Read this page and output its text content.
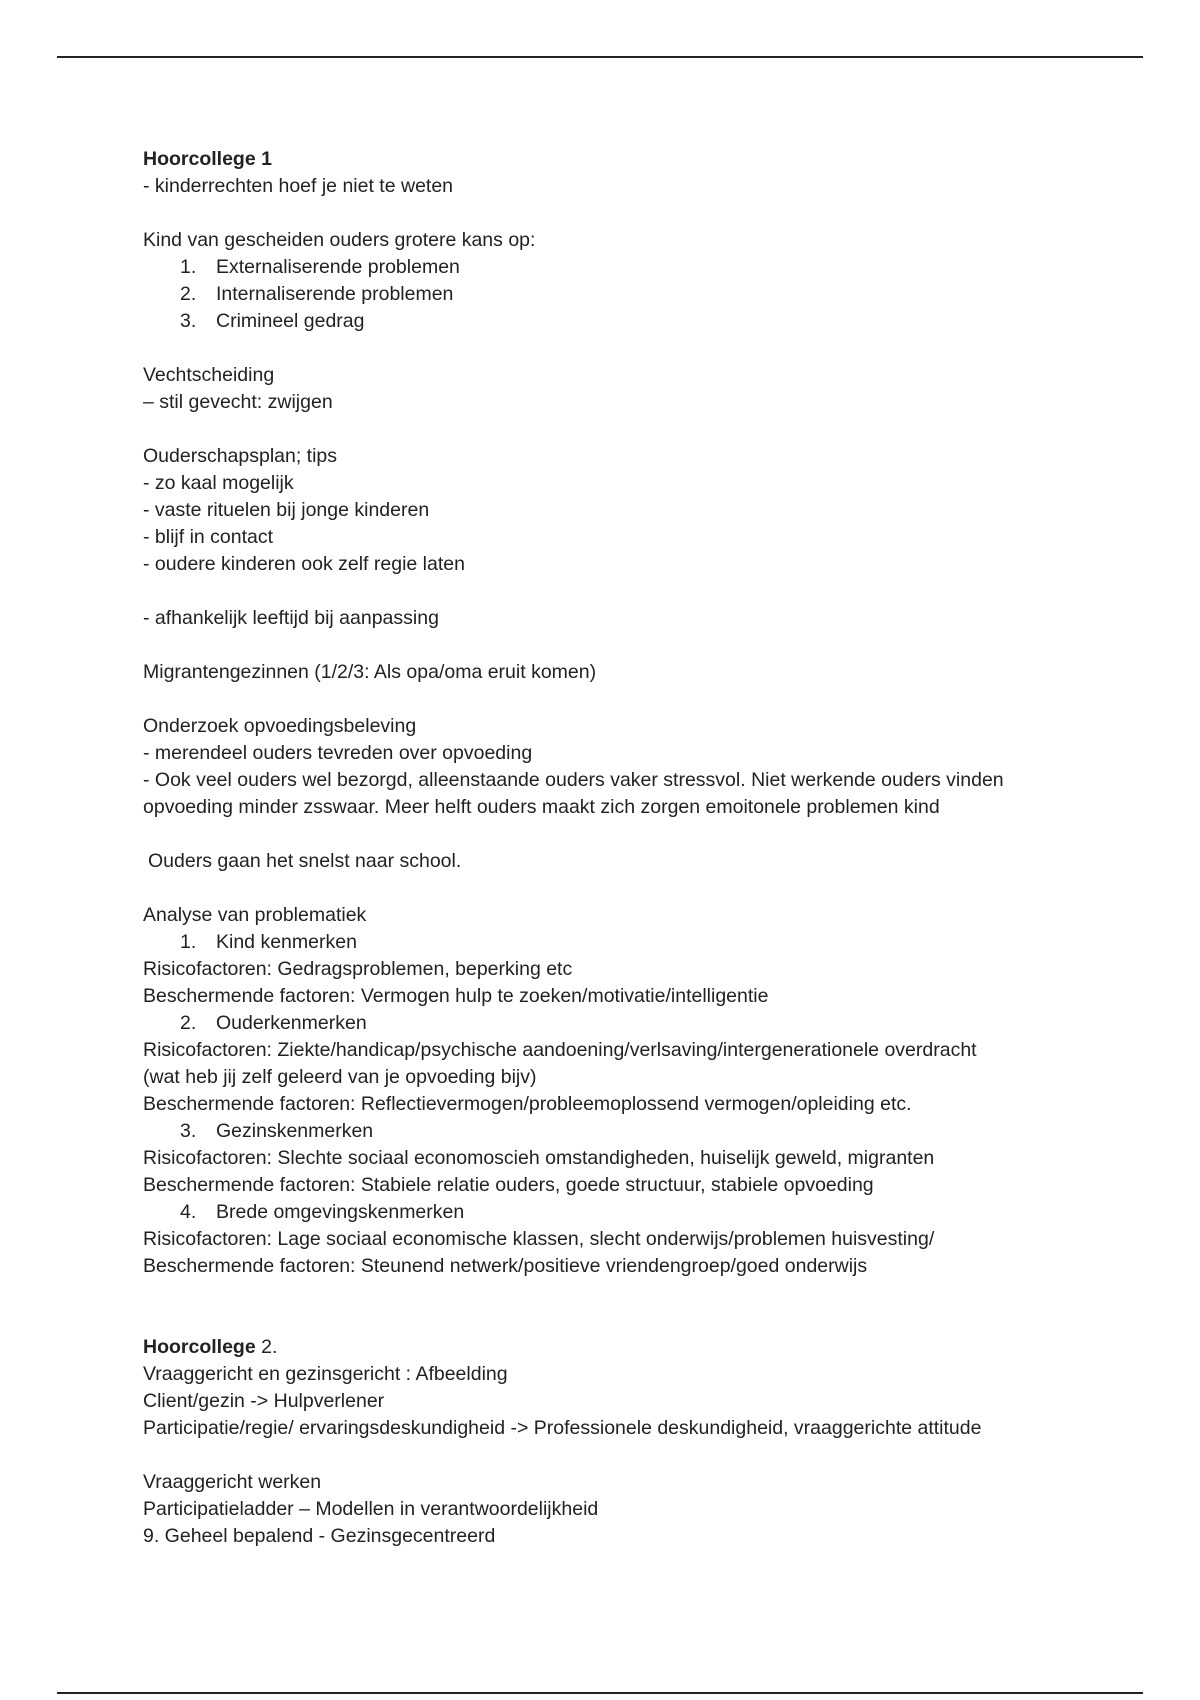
Hoorcollege 1
- kinderrechten hoef je niet te weten
Kind van gescheiden ouders grotere kans op:
1. Externaliserende problemen
2. Internaliserende problemen
3. Crimineel gedrag
Vechtscheiding
– stil gevecht: zwijgen
Ouderschapsplan; tips
- zo kaal mogelijk
- vaste rituelen bij jonge kinderen
- blijf in contact
- oudere kinderen ook zelf regie laten
- afhankelijk leeftijd bij aanpassing
Migrantengezinnen (1/2/3: Als opa/oma eruit komen)
Onderzoek opvoedingsbeleving
- merendeel ouders tevreden over opvoeding
- Ook veel ouders wel bezorgd, alleenstaande ouders vaker stressvol. Niet werkende ouders vinden
opvoeding minder zsswaar. Meer helft ouders maakt zich zorgen emoitonele problemen kind
Ouders gaan het snelst naar school.
Analyse van problematiek
1. Kind kenmerken
Risicofactoren: Gedragsproblemen, beperking etc
Beschermende factoren: Vermogen hulp te zoeken/motivatie/intelligentie
2. Ouderkenmerken
Risicofactoren: Ziekte/handicap/psychische aandoening/verlsaving/intergenerationele overdracht
(wat heb jij zelf geleerd van je opvoeding bijv)
Beschermende factoren: Reflectievermogen/probleemoplossend vermogen/opleiding etc.
3. Gezinskenmerken
Risicofactoren: Slechte sociaal economoscieh omstandigheden, huiselijk geweld, migranten
Beschermende factoren: Stabiele relatie ouders, goede structuur, stabiele opvoeding
4. Brede omgevingskenmerken
Risicofactoren: Lage sociaal economische klassen, slecht onderwijs/problemen huisvesting/
Beschermende factoren: Steunend netwerk/positieve vriendengroep/goed onderwijs
Hoorcollege 2.
Vraaggericht en gezinsgericht : Afbeelding
Client/gezin -> Hulpverlener
Participatie/regie/ ervaringsdeskundigheid -> Professionele deskundigheid, vraaggerichte attitude
Vraaggericht werken
Participatieladder – Modellen in verantwoordelijkheid
9. Geheel bepalend - Gezinsgecentreerd
